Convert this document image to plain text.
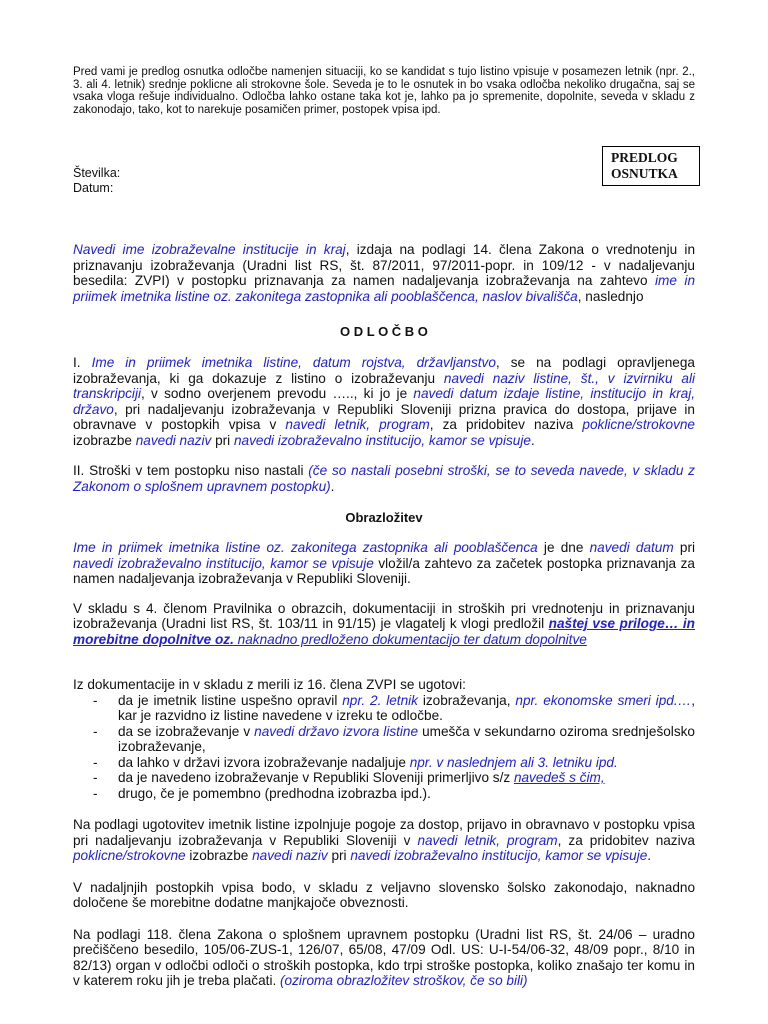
PREDLOG
OSNUTKA
Številka:
Datum:

Pred vami je predlog osnutka odločbe namenjen situaciji, ko se kandidat s tujo listino vpisuje v posamezen letnik (npr. 2., 3. ali 4. letnik) srednje poklicne ali strokovne šole. Seveda je to le osnutek in bo vsaka odločba nekoliko drugačna, saj se vsaka vloga rešuje individualno. Odločba lahko ostane taka kot je, lahko pa jo spremenite, dopolnite, seveda v skladu z zakonodajo, tako, kot to narekuje posamičen primer, postopek vpisa ipd.

Navedi ime izobraževalne institucije in kraj, izdaja na podlagi 14. člena Zakona o vrednotenju in priznavanju izobraževanja (Uradni list RS, št. 87/2011, 97/2011-popr. in 109/12 - v nadaljevanju besedila: ZVPI) v postopku priznavanja za namen nadaljevanja izobraževanja na zahtevo ime in priimek imetnika listine oz. zakonitega zastopnika ali pooblaščenca, naslov bivališča, naslednjo

O D L O Č B O

I. Ime in priimek imetnika listine, datum rojstva, državljanstvo, se na podlagi opravljenega izobraževanja, ki ga dokazuje z listino o izobraževanju navedi naziv listine, št., v izvirniku ali transkripciji, v sodno overjenem prevodu ….., ki jo je navedi datum izdaje listine, institucijo in kraj, državo, pri nadaljevanju izobraževanja v Republiki Sloveniji prizna pravica do dostopa, prijave in obravnave v postopkih vpisa v navedi letnik, program, za pridobitev naziva poklicne/strokovne izobrazbe navedi naziv pri navedi izobraževalno institucijo, kamor se vpisuje.

II. Stroški v tem postopku niso nastali (če so nastali posebni stroški, se to seveda navede, v skladu z Zakonom o splošnem upravnem postopku).

Obrazložitev

Ime in priimek imetnika listine oz. zakonitega zastopnika ali pooblaščenca je dne navedi datum pri navedi izobraževalno institucijo, kamor se vpisuje vložil/a zahtevo za začetek postopka priznavanja za namen nadaljevanja izobraževanja v Republiki Sloveniji.

V skladu s 4. členom Pravilnika o obrazcih, dokumentaciji in stroških pri vrednotenju in priznavanju izobraževanja (Uradni list RS, št. 103/11 in 91/15) je vlagatelj k vlogi predložil naštej vse priloge… in morebitne dopolnitve oz. naknadno predloženo dokumentacijo ter datum dopolnitve

Iz dokumentacije in v skladu z merili iz 16. člena ZVPI se ugotovi:

- da je imetnik listine uspešno opravil npr. 2. letnik izobraževanja, npr. ekonomske smeri ipd.…, kar je razvidno iz listine navedene v izreku te odločbe.
- da se izobraževanje v navedi državo izvora listine umešča v sekundarno oziroma srednješolsko izobraževanje,
- da lahko v državi izvora izobraževanje nadaljuje npr. v naslednjem ali 3. letniku ipd.
- da je navedeno izobraževanje v Republiki Sloveniji primerljivo s/z navedeš s čim,
- drugo, če je pomembno (predhodna izobrazba ipd.).

Na podlagi ugotovitev imetnik listine izpolnjuje pogoje za dostop, prijavo in obravnavo v postopku vpisa pri nadaljevanju izobraževanja v Republiki Sloveniji v navedi letnik, program, za pridobitev naziva poklicne/strokovne izobrazbe navedi naziv pri navedi izobraževalno institucijo, kamor se vpisuje.

V nadaljnjih postopkih vpisa bodo, v skladu z veljavno slovensko šolsko zakonodajo, naknadno določene še morebitne dodatne manjkajoče obveznosti.

Na podlagi 118. člena Zakona o splošnem upravnem postopku (Uradni list RS, št. 24/06 – uradno prečiščeno besedilo, 105/06-ZUS-1, 126/07, 65/08, 47/09 Odl. US: U-I-54/06-32, 48/09 popr., 8/10 in 82/13) organ v odločbi odloči o stroških postopka, kdo trpi stroške postopka, koliko znašajo ter komu in v katerem roku jih je treba plačati. (oziroma obrazložitev stroškov, če so bili)
